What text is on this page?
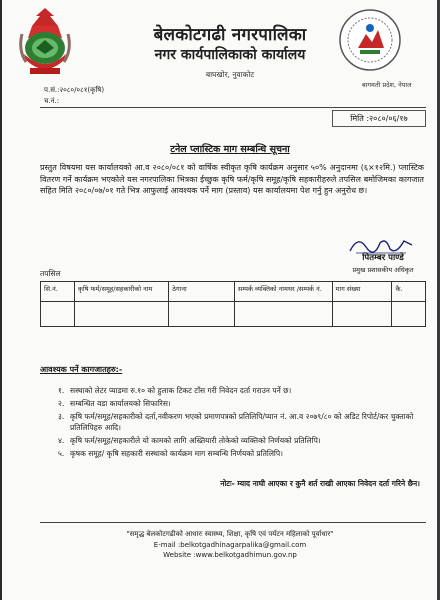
बेलकोटगढी नगरपालिका
नगर कार्यपालिकाको कार्यालय
बाघखोर, नुवाकोट
बागमती प्रदेश, नेपाल
प.सं.:२०८०/०८१(कृषि)
च.नं.:
मिति :२०८०/०६/१७
टनेल प्लास्टिक माग सम्बन्धि सूचना
प्रस्तुत विषयमा यस कार्यालयको आ.व २०८०/०८१ को वार्षिक स्वीकृत कृषि कार्यक्रम अनुसार ५०% अनुदानमा (६×१२मि.) प्लास्टिक वितरण गर्ने कार्यक्रम भएकोले यस नगरपालिका भित्रका ईच्छुक कृषि फर्म/कृषि समूह/कृषि सहकारीहरुले तपसिल बमोजिमका कागजात सहित मिति २०८०/०७/०१ गते भित्र आफुलाई आवश्यक पर्ने माग (प्रस्ताव) यस कार्यालयमा पेश गर्नु हुन अनुरोध छ।
पितम्बर पाण्डे
प्रमुख प्रशासकीय अधिकृत
तपसिल
सि.नं.	कृषि फर्म/समूह/सहकारीको नाम	ठेगाना	सम्पर्क व्यक्तिको नामथर /सम्पर्क नं.	माग संख्या	कै.

आवश्यक पर्ने कागजातहरु:-
१. सस्थाको लेटर प्याडमा रु.१० को हुलाक टिकट टाँस गरी निवेदन दर्ता गराउन पर्ने छ।
२. सम्बन्धित वडा कार्यालयको सिफारिस।
३. कृषि फर्म/समूह/सहकारीको दर्ता,नवीकरण भएको प्रमाणपत्रको प्रतिलिपि/प्यान नं. आ.व २०७९/८० को अडिट रिपोर्ट/कर चुक्ताको प्रतिलिपिहरु आदि।
४. कृषि फर्म/समूह/सहकारीले यो कामको लागि अख्तियारी तोकेको व्यक्तिको निर्णयको प्रतिलिपि।
५. कृषक समूह/ कृषि सहकारी सस्थाको कार्यक्रम माग सम्बन्धि निर्णयको प्रतिलिपि।
नोटः- म्याद नाघी आएका र कुनै शर्त राखी आएका निवेदन दर्ता गरिने छैन।
"समृद्ध बेलकोटगढीको आधारः स्वास्थ्य, शिक्षा, कृषि एवं पर्यटन महिलाको पूर्वाधार"
E-mail :belkotgadhinagarpalika@gmail.com
Website :www.belkotgadhimun.gov.np
